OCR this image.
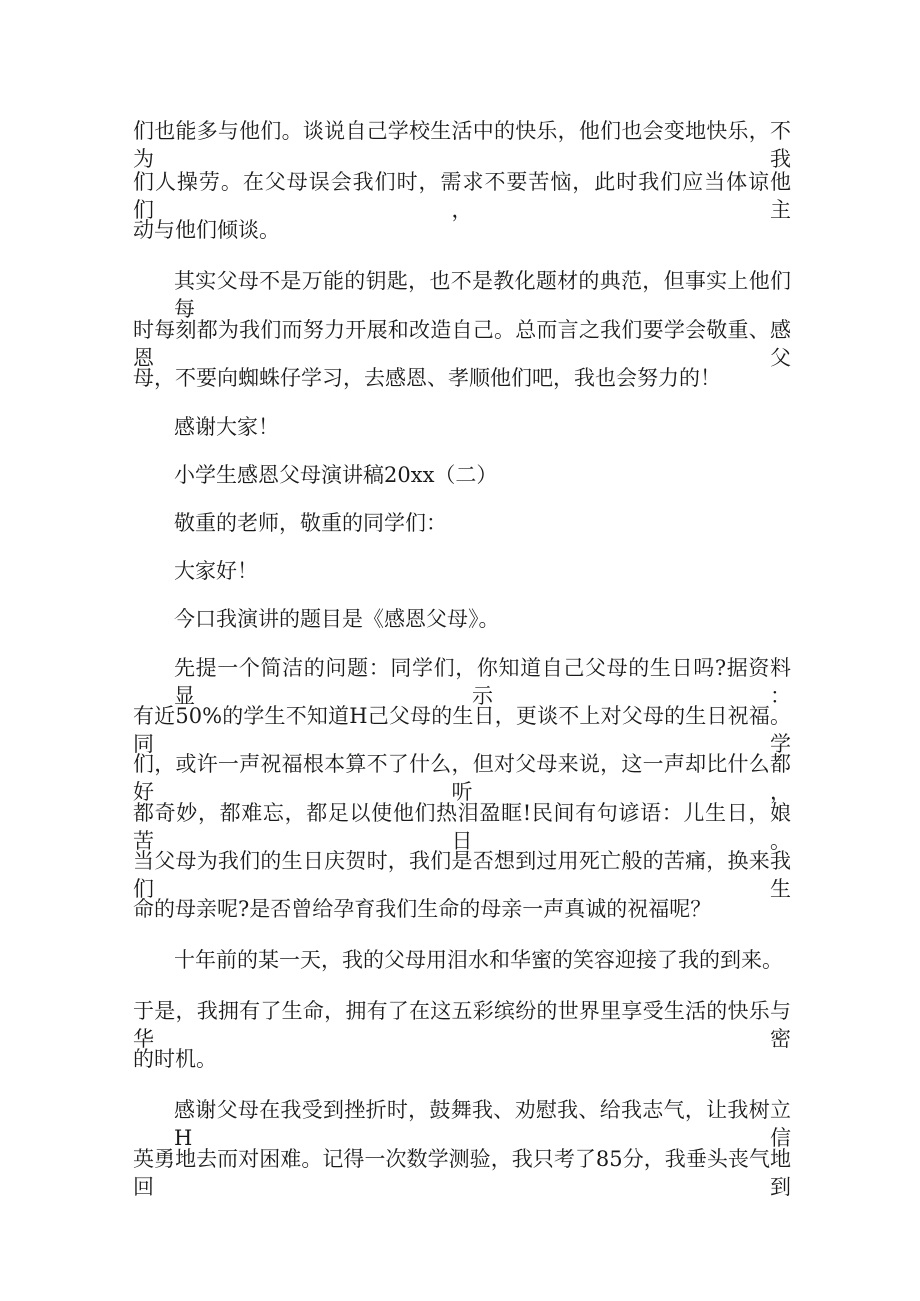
们也能多与他们。谈说自己学校生活中的快乐，他们也会变地快乐，不为我

们人操劳。在父母误会我们时，需求不要苦恼，此时我们应当体谅他们，主

动与他们倾谈。

其实父母不是万能的钥匙，也不是教化题材的典范，但事实上他们每

时每刻都为我们而努力开展和改造自己。总而言之我们要学会敬重、感恩父

母，不要向蜘蛛仔学习，去感恩、孝顺他们吧，我也会努力的！

感谢大家！

小学生感恩父母演讲稿20xx（二）

敬重的老师，敬重的同学们：

大家好！

今口我演讲的题目是《感恩父母》。

先提一个简洁的问题：同学们，你知道自己父母的生日吗?据资料显示：

有近50%的学生不知道H己父母的生日，更谈不上对父母的生日祝福。同学

们，或许一声祝福根本算不了什么，但对父母来说，这一声却比什么都好听，

都奇妙，都难忘，都足以使他们热泪盈眶!民间有句谚语：儿生日，娘苦日。

当父母为我们的生日庆贺时，我们是否想到过用死亡般的苦痛，换来我们生

命的母亲呢?是否曾给孕育我们生命的母亲一声真诚的祝福呢？

十年前的某一天，我的父母用泪水和华蜜的笑容迎接了我的到来。

于是，我拥有了生命，拥有了在这五彩缤纷的世界里享受生活的快乐与华密

的时机。

感谢父母在我受到挫折时，鼓舞我、劝慰我、给我志气，让我树立H信

英勇地去而对困难。记得一次数学测验，我只考了85分，我垂头丧气地回到
